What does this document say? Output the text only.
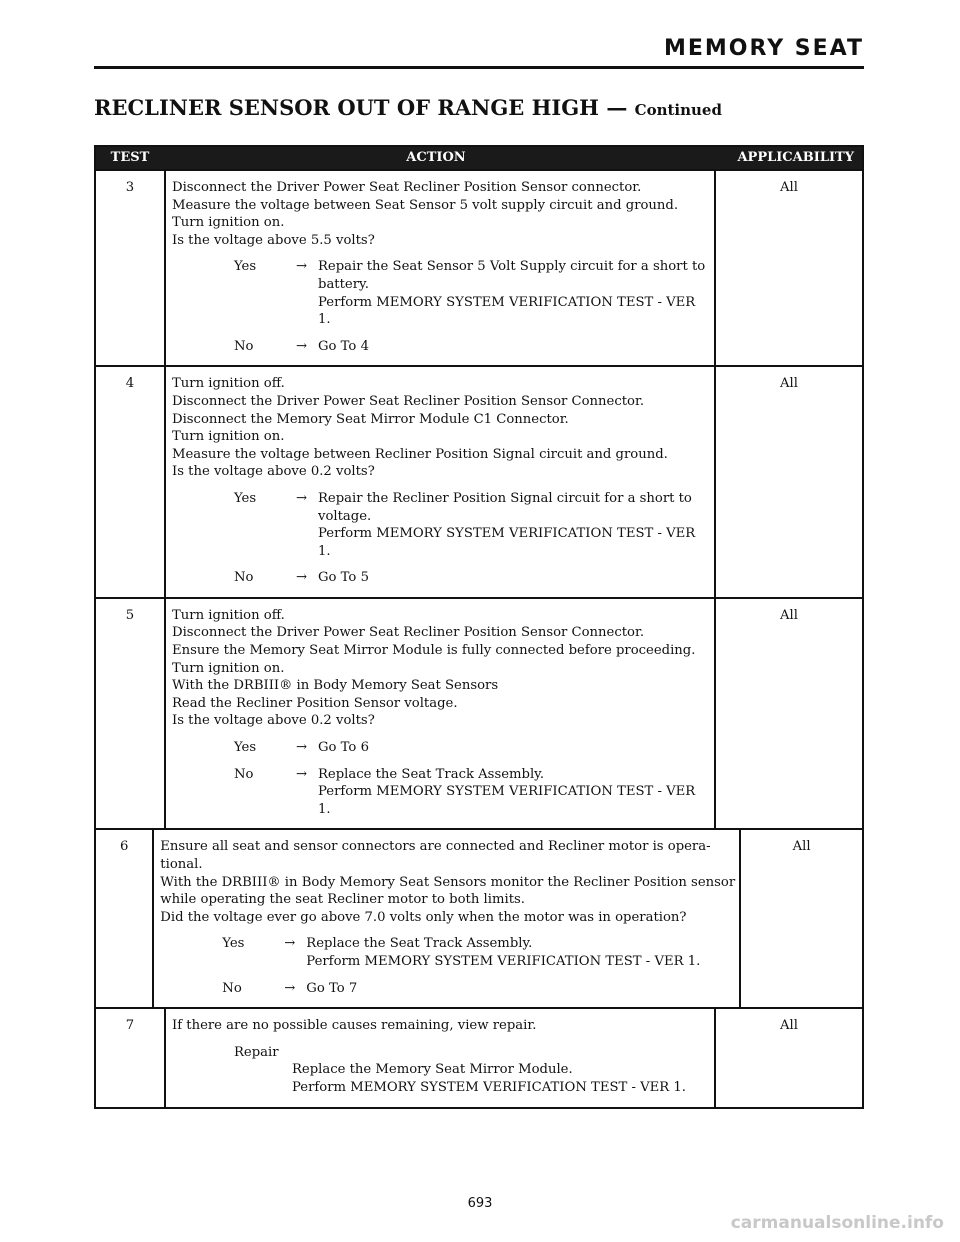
MEMORY SEAT
RECLINER SENSOR OUT OF RANGE HIGH — Continued
TEST	ACTION	APPLICABILITY
3	Disconnect the Driver Power Seat Recliner Position Sensor connector.
Measure the voltage between Seat Sensor 5 volt supply circuit and ground.
Turn ignition on.
Is the voltage above 5.5 volts?
Yes	→ Repair the Seat Sensor 5 Volt Supply circuit for a short to battery.
Perform MEMORY SYSTEM VERIFICATION TEST - VER 1.
No	→ Go To 4
All
4	Turn ignition off.
Disconnect the Driver Power Seat Recliner Position Sensor Connector.
Disconnect the Memory Seat Mirror Module C1 Connector.
Turn ignition on.
Measure the voltage between Recliner Position Signal circuit and ground.
Is the voltage above 0.2 volts?
Yes	→ Repair the Recliner Position Signal circuit for a short to voltage.
Perform MEMORY SYSTEM VERIFICATION TEST - VER 1.
No	→ Go To 5
All
5	Turn ignition off.
Disconnect the Driver Power Seat Recliner Position Sensor Connector.
Ensure the Memory Seat Mirror Module is fully connected before proceeding.
Turn ignition on.
With the DRBIII® in Body Memory Seat Sensors
Read the Recliner Position Sensor voltage.
Is the voltage above 0.2 volts?
Yes	→ Go To 6
No	→ Replace the Seat Track Assembly.
Perform MEMORY SYSTEM VERIFICATION TEST - VER 1.
All
6	Ensure all seat and sensor connectors are connected and Recliner motor is opera-
tional.
With the DRBIII® in Body Memory Seat Sensors monitor the Recliner Position sensor
while operating the seat Recliner motor to both limits.
Did the voltage ever go above 7.0 volts only when the motor was in operation?
Yes	→ Replace the Seat Track Assembly.
Perform MEMORY SYSTEM VERIFICATION TEST - VER 1.
No	→ Go To 7
All
7	If there are no possible causes remaining, view repair.
Repair
Replace the Memory Seat Mirror Module.
Perform MEMORY SYSTEM VERIFICATION TEST - VER 1.
All
693
carmanualsonline.info
